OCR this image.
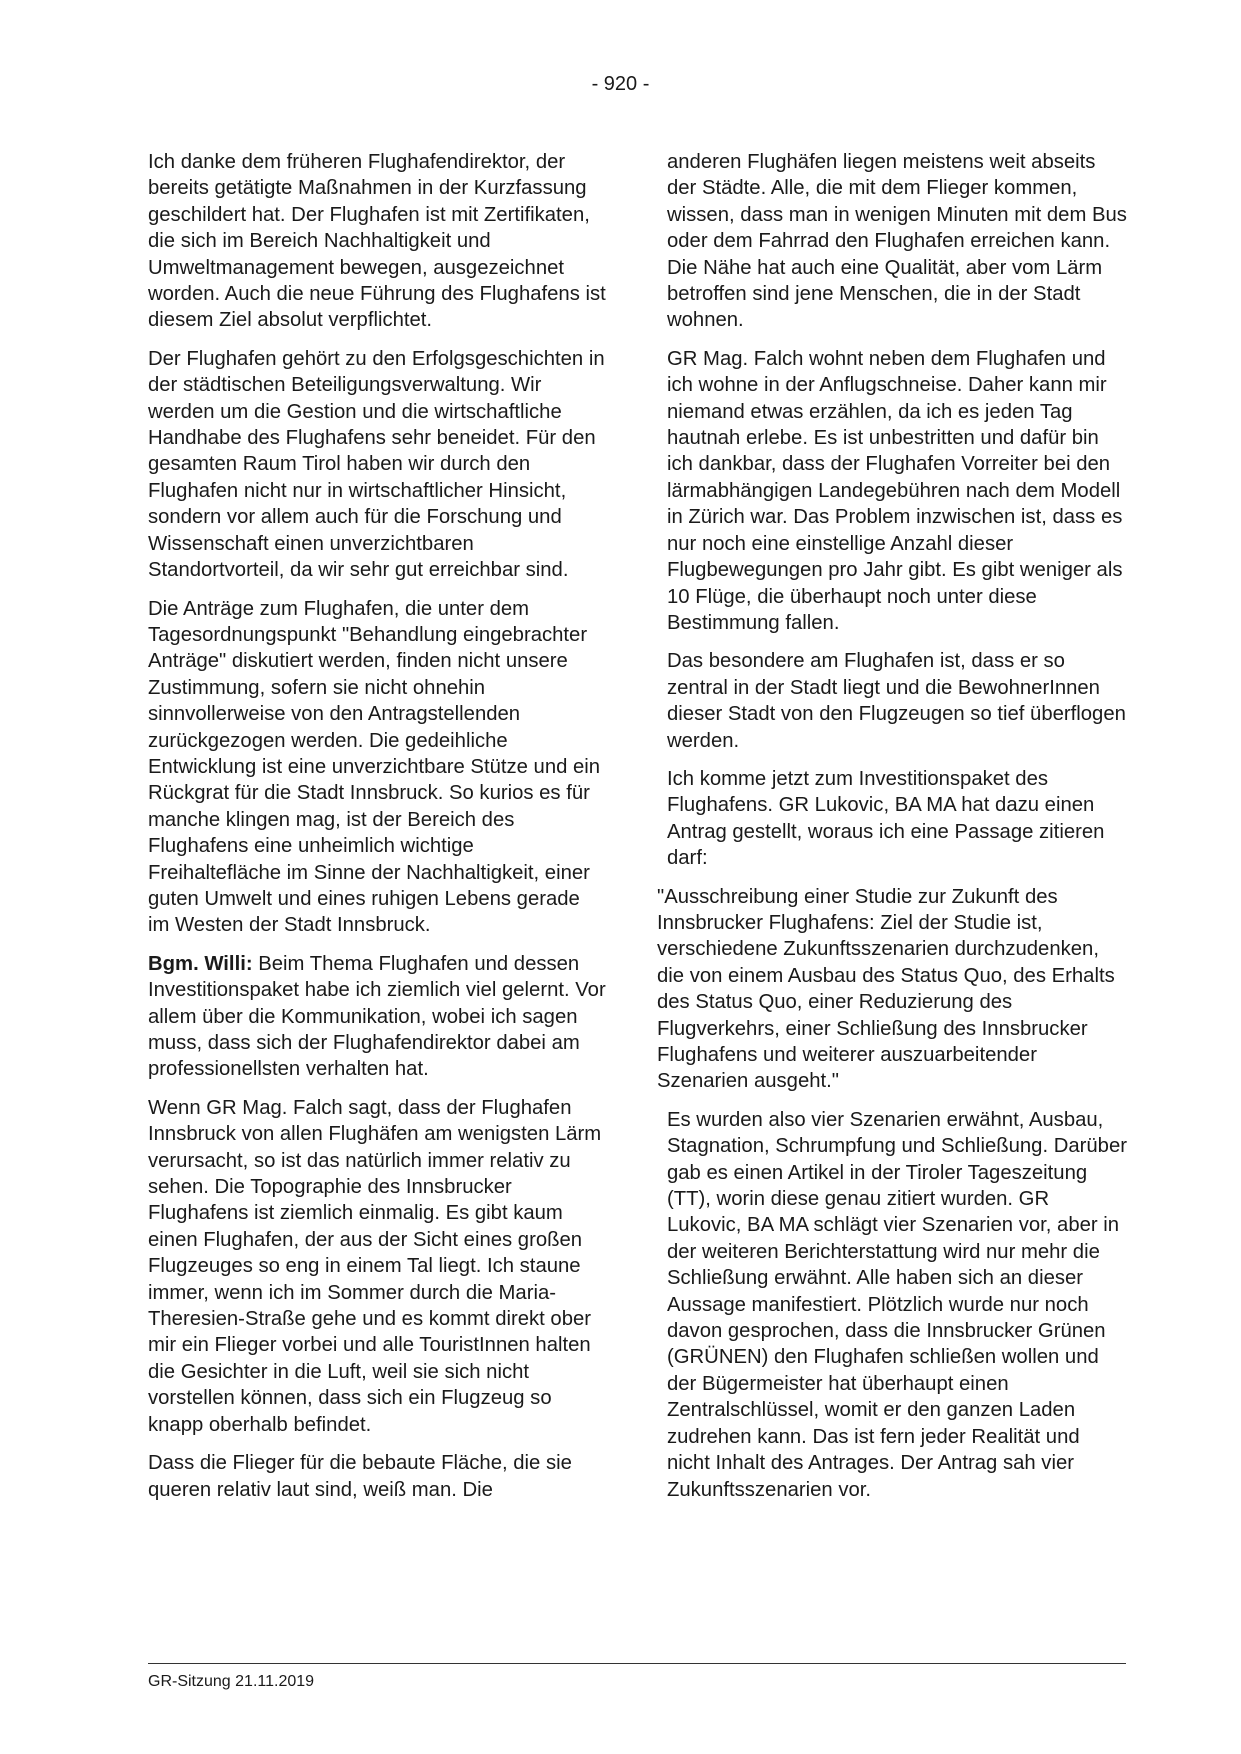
- 920 -

Ich danke dem früheren Flughafendirektor, der bereits getätigte Maßnahmen in der Kurzfassung geschildert hat. Der Flughafen ist mit Zertifikaten, die sich im Bereich Nachhaltigkeit und Umweltmanagement bewegen, ausgezeichnet worden. Auch die neue Führung des Flughafens ist diesem Ziel absolut verpflichtet.

Der Flughafen gehört zu den Erfolgsgeschichten in der städtischen Beteiligungsverwaltung. Wir werden um die Gestion und die wirtschaftliche Handhabe des Flughafens sehr beneidet. Für den gesamten Raum Tirol haben wir durch den Flughafen nicht nur in wirtschaftlicher Hinsicht, sondern vor allem auch für die Forschung und Wissenschaft einen unverzichtbaren Standortvorteil, da wir sehr gut erreichbar sind.

Die Anträge zum Flughafen, die unter dem Tagesordnungspunkt "Behandlung eingebrachter Anträge" diskutiert werden, finden nicht unsere Zustimmung, sofern sie nicht ohnehin sinnvollerweise von den Antragstellenden zurückgezogen werden. Die gedeihliche Entwicklung ist eine unverzichtbare Stütze und ein Rückgrat für die Stadt Innsbruck. So kurios es für manche klingen mag, ist der Bereich des Flughafens eine unheimlich wichtige Freihaltefläche im Sinne der Nachhaltigkeit, einer guten Umwelt und eines ruhigen Lebens gerade im Westen der Stadt Innsbruck.

Bgm. Willi: Beim Thema Flughafen und dessen Investitionspaket habe ich ziemlich viel gelernt. Vor allem über die Kommunikation, wobei ich sagen muss, dass sich der Flughafendirektor dabei am professionellsten verhalten hat.

Wenn GR Mag. Falch sagt, dass der Flughafen Innsbruck von allen Flughäfen am wenigsten Lärm verursacht, so ist das natürlich immer relativ zu sehen. Die Topographie des Innsbrucker Flughafens ist ziemlich einmalig. Es gibt kaum einen Flughafen, der aus der Sicht eines großen Flugzeuges so eng in einem Tal liegt. Ich staune immer, wenn ich im Sommer durch die Maria-Theresien-Straße gehe und es kommt direkt ober mir ein Flieger vorbei und alle TouristInnen halten die Gesichter in die Luft, weil sie sich nicht vorstellen können, dass sich ein Flugzeug so knapp oberhalb befindet.

Dass die Flieger für die bebaute Fläche, die sie queren relativ laut sind, weiß man. Die

anderen Flughäfen liegen meistens weit abseits der Städte. Alle, die mit dem Flieger kommen, wissen, dass man in wenigen Minuten mit dem Bus oder dem Fahrrad den Flughafen erreichen kann. Die Nähe hat auch eine Qualität, aber vom Lärm betroffen sind jene Menschen, die in der Stadt wohnen.

GR Mag. Falch wohnt neben dem Flughafen und ich wohne in der Anflugschneise. Daher kann mir niemand etwas erzählen, da ich es jeden Tag hautnah erlebe. Es ist unbestritten und dafür bin ich dankbar, dass der Flughafen Vorreiter bei den lärmabhängigen Landegebühren nach dem Modell in Zürich war. Das Problem inzwischen ist, dass es nur noch eine einstellige Anzahl dieser Flugbewegungen pro Jahr gibt. Es gibt weniger als 10 Flüge, die überhaupt noch unter diese Bestimmung fallen.

Das besondere am Flughafen ist, dass er so zentral in der Stadt liegt und die BewohnerInnen dieser Stadt von den Flugzeugen so tief überflogen werden.

Ich komme jetzt zum Investitionspaket des Flughafens. GR Lukovic, BA MA hat dazu einen Antrag gestellt, woraus ich eine Passage zitieren darf:

"Ausschreibung einer Studie zur Zukunft des Innsbrucker Flughafens: Ziel der Studie ist, verschiedene Zukunftsszenarien durchzudenken, die von einem Ausbau des Status Quo, des Erhalts des Status Quo, einer Reduzierung des Flugverkehrs, einer Schließung des Innsbrucker Flughafens und weiterer auszuarbeitender Szenarien ausgeht."

Es wurden also vier Szenarien erwähnt, Ausbau, Stagnation, Schrumpfung und Schließung. Darüber gab es einen Artikel in der Tiroler Tageszeitung (TT), worin diese genau zitiert wurden. GR Lukovic, BA MA schlägt vier Szenarien vor, aber in der weiteren Berichterstattung wird nur mehr die Schließung erwähnt. Alle haben sich an dieser Aussage manifestiert. Plötzlich wurde nur noch davon gesprochen, dass die Innsbrucker Grünen (GRÜNEN) den Flughafen schließen wollen und der Bügermeister hat überhaupt einen Zentralschlüssel, womit er den ganzen Laden zudrehen kann. Das ist fern jeder Realität und nicht Inhalt des Antrages. Der Antrag sah vier Zukunftsszenarien vor.

GR-Sitzung 21.11.2019
